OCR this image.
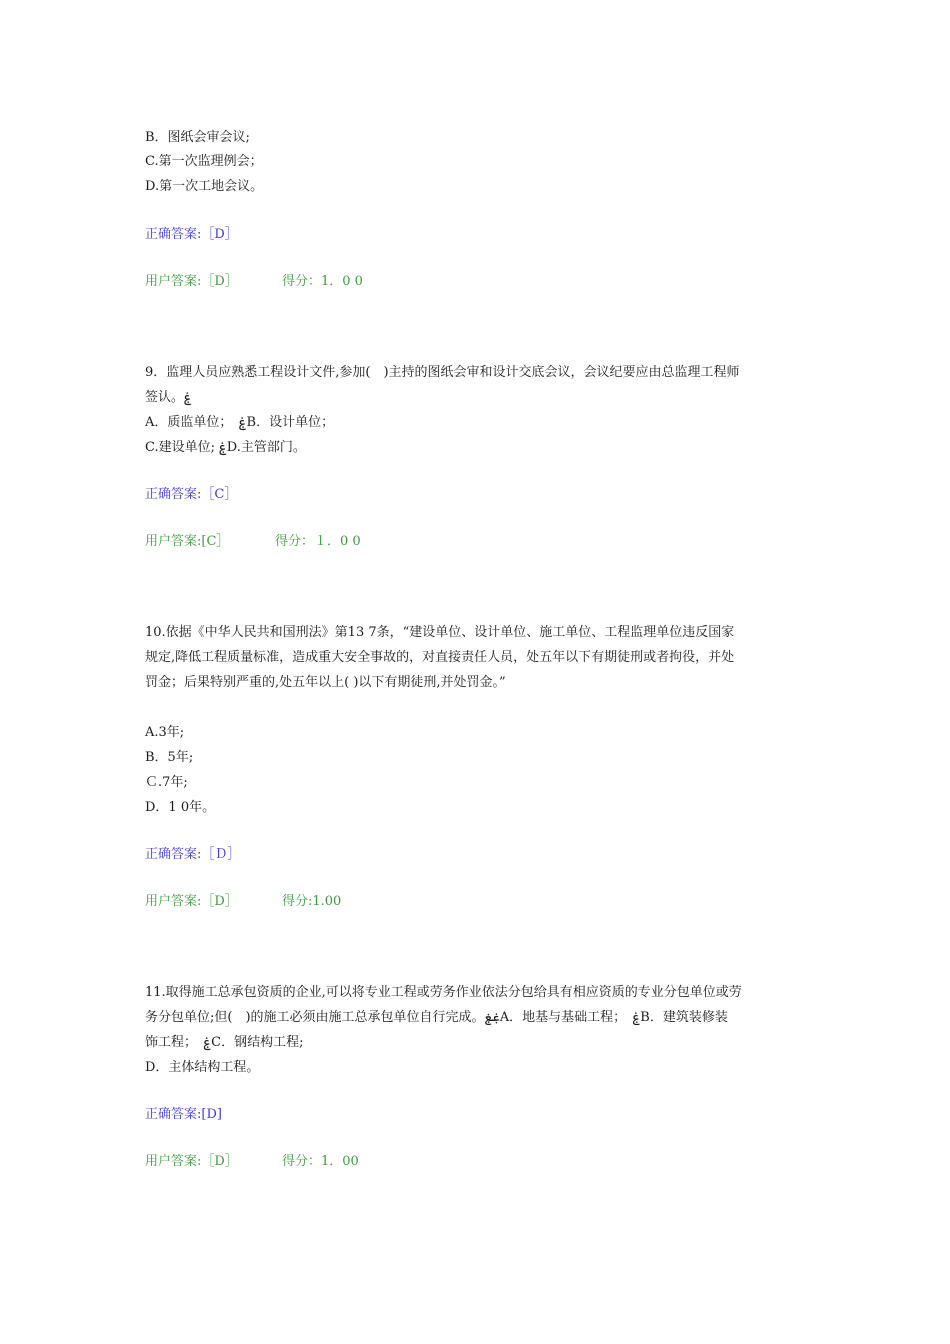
B．图纸会审会议;
C.第一次监理例会；
D.第一次工地会议。
正确答案:［D］
用户答案:［D］	得分：1．0 0
9．监理人员应熟悉工程设计文件,参加(　)主持的图纸会审和设计交底会议，会议纪要应由总监理工程师
签认。ۼ
A．质监单位；　ۼB．设计单位；
C.建设单位; ۼD.主管部门。
正确答案:［C］
用户答案:[C］	得分：１．0 0
10.依据《中华人民共和国刑法》第13 7条，“建设单位、设计单位、施工单位、工程监理单位违反国家
规定,降低工程质量标准，造成重大安全事故的，对直接责任人员，处五年以下有期徒刑或者拘役，并处
罚金；后果特别严重的,处五年以上( )以下有期徒刑,并处罚金。”
A.3年;
B．5年;
Ｃ.7年;
D．1 0年。
正确答案:［Ｄ］
用户答案:［D］	得分:1.00
11.取得施工总承包资质的企业,可以将专业工程或劳务作业依法分包给具有相应资质的专业分包单位或劳
务分包单位;但(　)的施工必须由施工总承包单位自行完成。ۼۼA．地基与基础工程；　ۼB．建筑装修装
饰工程；　ۼC．钢结构工程;
D．主体结构工程。
正确答案:[D]
用户答案:［D］	得分：1．00
